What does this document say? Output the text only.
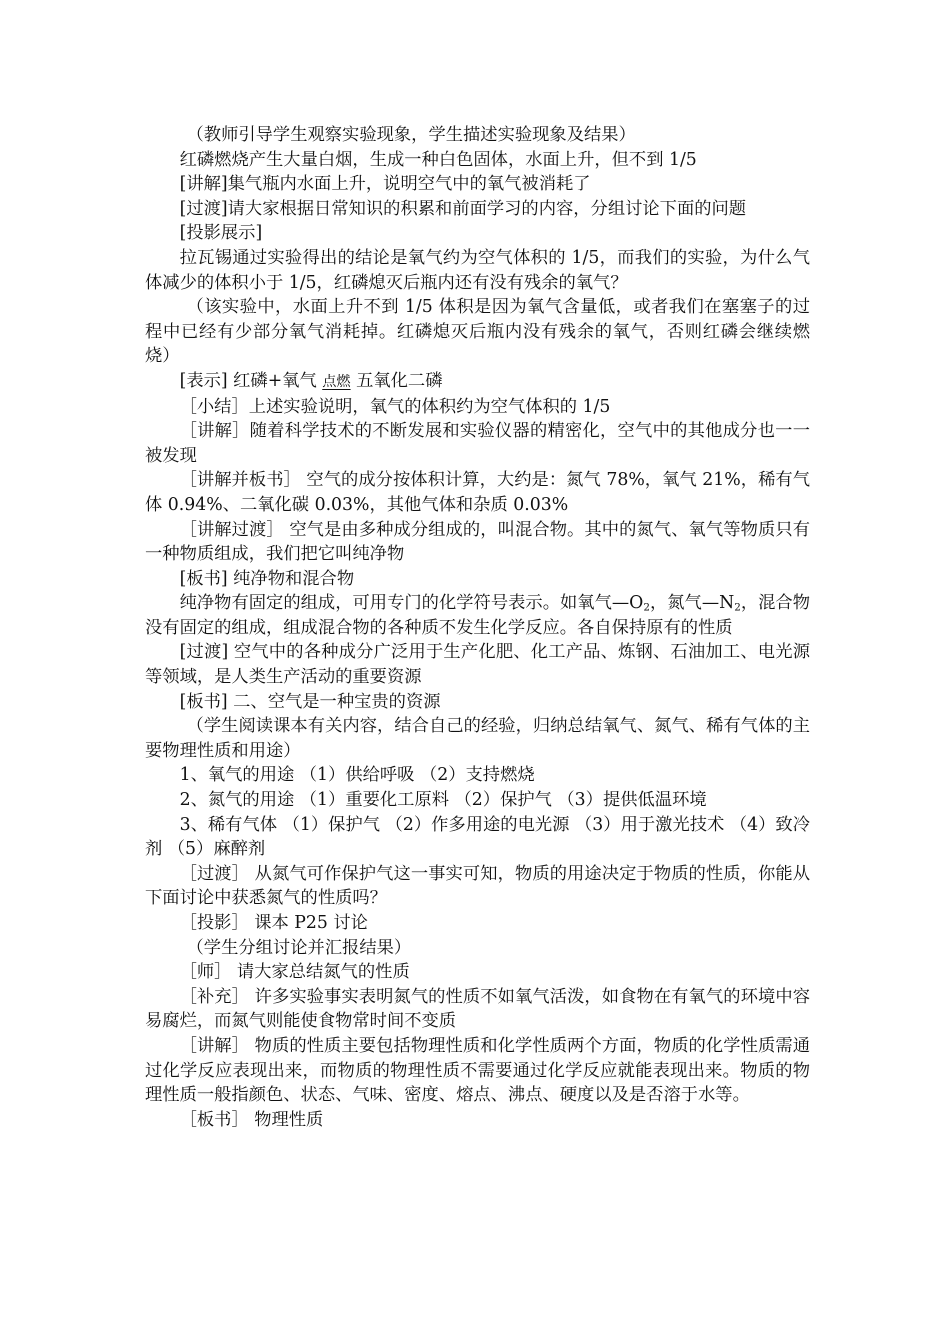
（教师引导学生观察实验现象，学生描述实验现象及结果）

红磷燃烧产生大量白烟，生成一种白色固体，水面上升，但不到 1/5

[讲解]集气瓶内水面上升，说明空气中的氧气被消耗了

[过渡]请大家根据日常知识的积累和前面学习的内容，分组讨论下面的问题

[投影展示]

拉瓦锡通过实验得出的结论是氧气约为空气体积的 1/5，而我们的实验，为什么气体减少的体积小于 1/5，红磷熄灭后瓶内还有没有残余的氧气？

（该实验中，水面上升不到 1/5 体积是因为氧气含量低，或者我们在塞塞子的过程中已经有少部分氧气消耗掉。红磷熄灭后瓶内没有残余的氧气，否则红磷会继续燃烧）

[表示] 红磷+氧气 点燃 五氧化二磷

［小结］上述实验说明，氧气的体积约为空气体积的 1/5

［讲解］随着科学技术的不断发展和实验仪器的精密化，空气中的其他成分也一一被发现

［讲解并板书］ 空气的成分按体积计算，大约是：氮气 78%，氧气 21%，稀有气体 0.94%、二氧化碳 0.03%，其他气体和杂质 0.03%

［讲解过渡］ 空气是由多种成分组成的，叫混合物。其中的氮气、氧气等物质只有一种物质组成，我们把它叫纯净物

[板书] 纯净物和混合物

纯净物有固定的组成，可用专门的化学符号表示。如氧气$—O_2$，氮气$—N_2$，混合物没有固定的组成，组成混合物的各种质不发生化学反应。各自保持原有的性质

[过渡] 空气中的各种成分广泛用于生产化肥、化工产品、炼钢、石油加工、电光源等领域，是人类生产活动的重要资源

[板书] 二、空气是一种宝贵的资源

（学生阅读课本有关内容，结合自己的经验，归纳总结氧气、氮气、稀有气体的主要物理性质和用途）

1、氧气的用途 （1）供给呼吸 （2）支持燃烧

2、氮气的用途 （1）重要化工原料 （2）保护气 （3）提供低温环境

3、稀有气体 （1）保护气 （2）作多用途的电光源 （3）用于激光技术 （4）致冷剂 （5）麻醉剂

［过渡］ 从氮气可作保护气这一事实可知，物质的用途决定于物质的性质，你能从下面讨论中获悉氮气的性质吗？

［投影］ 课本 P25 讨论

（学生分组讨论并汇报结果）

［师］ 请大家总结氮气的性质

［补充］ 许多实验事实表明氮气的性质不如氧气活泼，如食物在有氧气的环境中容易腐烂，而氮气则能使食物常时间不变质

［讲解］ 物质的性质主要包括物理性质和化学性质两个方面，物质的化学性质需通过化学反应表现出来，而物质的物理性质不需要通过化学反应就能表现出来。物质的物理性质一般指颜色、状态、气味、密度、熔点、沸点、硬度以及是否溶于水等。

［板书］ 物理性质
